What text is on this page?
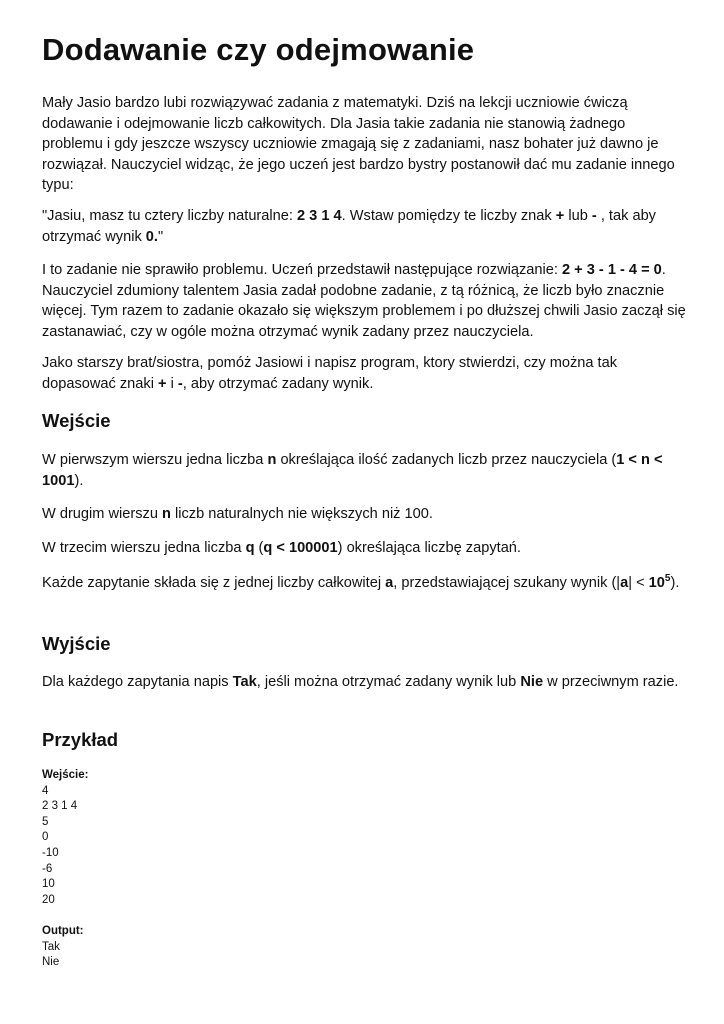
Dodawanie czy odejmowanie

Mały Jasio bardzo lubi rozwiązywać zadania z matematyki. Dziś na lekcji uczniowie ćwiczą dodawanie i odejmowanie liczb całkowitych. Dla Jasia takie zadania nie stanowią żadnego problemu i gdy jeszcze wszyscy uczniowie zmagają się z zadaniami, nasz bohater już dawno je rozwiązał. Nauczyciel widząc, że jego uczeń jest bardzo bystry postanowił dać mu zadanie innego typu:

"Jasiu, masz tu cztery liczby naturalne: 2 3 1 4. Wstaw pomiędzy te liczby znak + lub - , tak aby otrzymać wynik 0."

I to zadanie nie sprawiło problemu. Uczeń przedstawił następujące rozwiązanie: 2 + 3 - 1 - 4 = 0. Nauczyciel zdumiony talentem Jasia zadał podobne zadanie, z tą różnicą, że liczb było znacznie więcej. Tym razem to zadanie okazało się większym problemem i po dłuższej chwili Jasio zaczął się zastanawiać, czy w ogóle można otrzymać wynik zadany przez nauczyciela.

Jako starszy brat/siostra, pomóż Jasiowi i napisz program, ktory stwierdzi, czy można tak dopasować znaki + i -, aby otrzymać zadany wynik.

Wejście

W pierwszym wierszu jedna liczba n określająca ilość zadanych liczb przez nauczyciela (1 < n < 1001).

W drugim wierszu n liczb naturalnych nie większych niż 100.

W trzecim wierszu jedna liczba q (q < 100001) określająca liczbę zapytań.

Każde zapytanie składa się z jednej liczby całkowitej a, przedstawiającej szukany wynik $(|a| < 10^5)$.

Wyjście

Dla każdego zapytania napis Tak, jeśli można otrzymać zadany wynik lub Nie w przeciwnym razie.

Przykład
Wejście:
4
2 3 1 4
5
0
-10
-6
10
20

Output:
Tak
Nie
